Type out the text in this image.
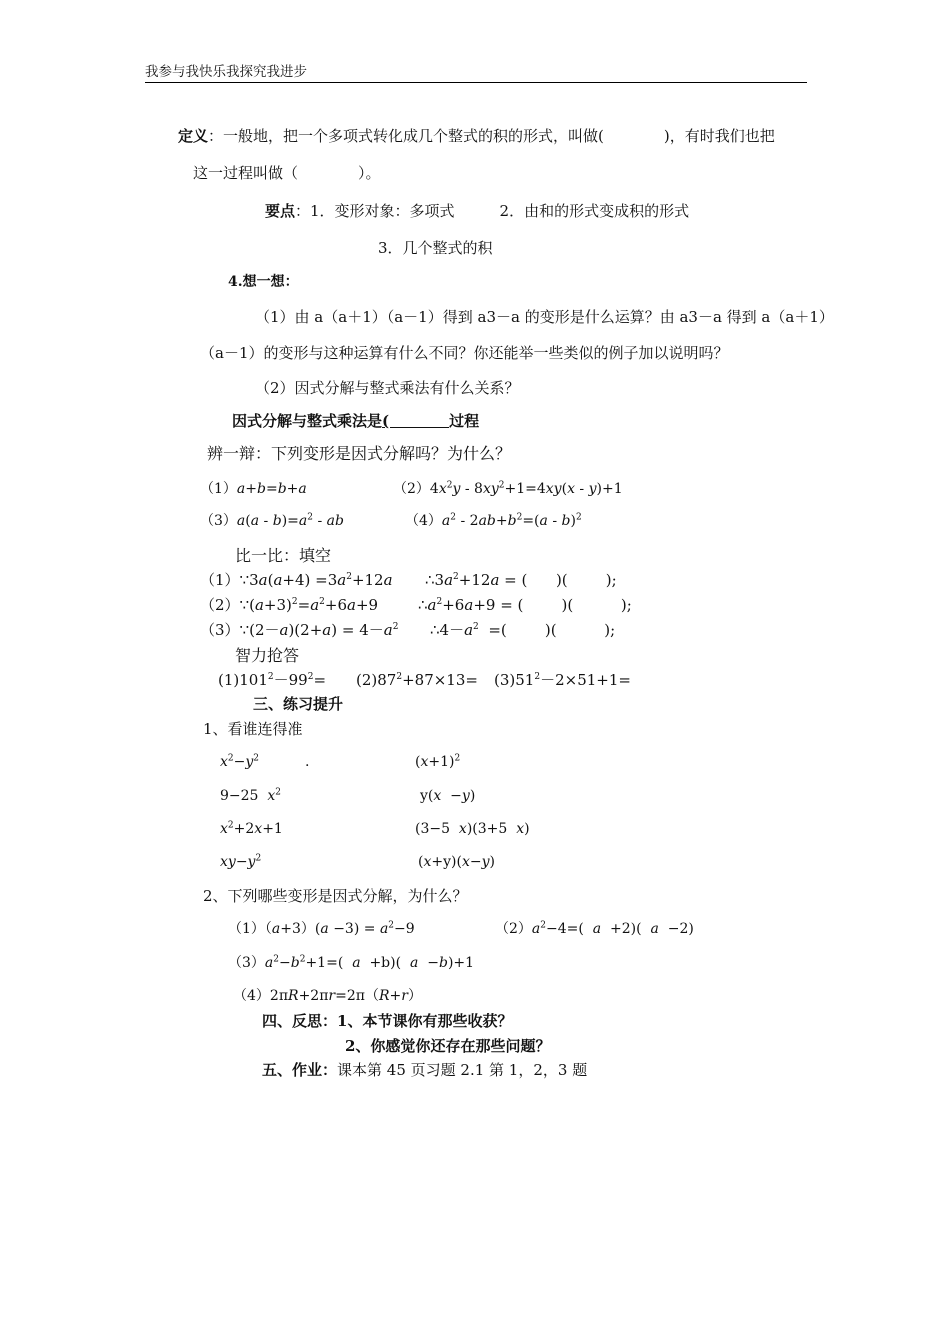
我参与我快乐我探究我进步
定义：一般地，把一个多项式转化成几个整式的积的形式，叫做(　　　　)，有时我们也把
这一过程叫做（　　　　）。
要点：1．变形对象：多项式　　　2．由和的形式变成积的形式
3．几个整式的积
4.想一想：
（1）由 a（a＋1）（a－1）得到 a3－a 的变形是什么运算？由 a3－a 得到 a（a＋1）
（a－1）的变形与这种运算有什么不同？你还能举一些类似的例子加以说明吗？
（2）因式分解与整式乘法有什么关系？
因式分解与整式乘法是(　　　　过程
辨一辩：下列变形是因式分解吗？为什么？
（1）a+b=b+a	$(2)4x^2y - 8xy^2+1=4xy(x - y)+1$
$(3)a(a - b)=a^2$ - ab	$(4)a^2 - 2ab+b^2=(a - b)^2$
比一比：填空
（1）∵3a(a+4) $=3a^2+12a$ $\therefore 3a^2+12a$ = (      )(        );
$(2)\because(a+3)^2=a^2+6a+9$	$\therefore a^2+6a+9$ = (        )(          );
（3）∵(2－a)(2+a) = $4-a^2$ $\therefore 4-a^2$  =(        )(          );
智力抢答
$(1)101^2-99^2= (2)87^2+87\times 13= (3)51^2-2\times 51+1=$
三、练习提升
1、看谁连得准
$x^2-y^2$	.	$(x+1)^2$
9−25  $x^2$	y(x  −y)
$x^2+2x+1$	(3−5  x)(3+5  x)
$xy-y^2$	(x+y)(x−y)
2、下列哪些变形是因式分解，为什么？
$(1)(a+3)(a -3) = a^2-9$	$(2)a^2-4=$(  a  +2)(  a  −2)
$(3)a^2-b^2+1=$(  a  +b)(  a  −b)+1
（4）2πR+2πr=2π（R+r）
四、反思：1、本节课你有那些收获？
2、你感觉你还存在那些问题？
五、作业：课本第 45 页习题 2.1 第 1，2，3 题
